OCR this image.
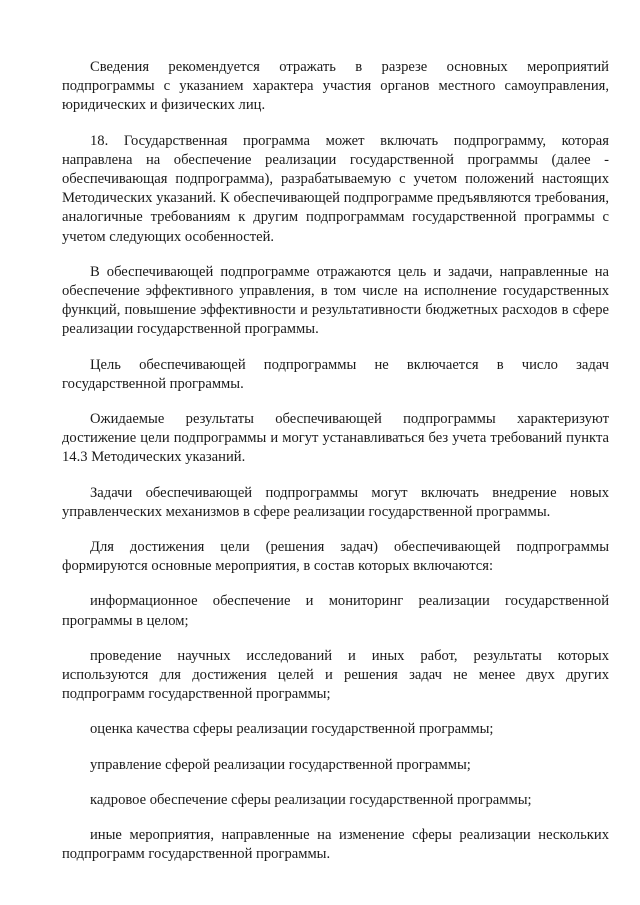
Сведения рекомендуется отражать в разрезе основных мероприятий подпрограммы с указанием характера участия органов местного самоуправления, юридических и физических лиц.

18. Государственная программа может включать подпрограмму, которая направлена на обеспечение реализации государственной программы (далее - обеспечивающая подпрограмма), разрабатываемую с учетом положений настоящих Методических указаний. К обеспечивающей подпрограмме предъявляются требования, аналогичные требованиям к другим подпрограммам государственной программы с учетом следующих особенностей.

В обеспечивающей подпрограмме отражаются цель и задачи, направленные на обеспечение эффективного управления, в том числе на исполнение государственных функций, повышение эффективности и результативности бюджетных расходов в сфере реализации государственной программы.

Цель обеспечивающей подпрограммы не включается в число задач государственной программы.

Ожидаемые результаты обеспечивающей подпрограммы характеризуют достижение цели подпрограммы и могут устанавливаться без учета требований пункта 14.3 Методических указаний.

Задачи обеспечивающей подпрограммы могут включать внедрение новых управленческих механизмов в сфере реализации государственной программы.

Для достижения цели (решения задач) обеспечивающей подпрограммы формируются основные мероприятия, в состав которых включаются:

информационное обеспечение и мониторинг реализации государственной программы в целом;

проведение научных исследований и иных работ, результаты которых используются для достижения целей и решения задач не менее двух других подпрограмм государственной программы;

оценка качества сферы реализации государственной программы;

управление сферой реализации государственной программы;

кадровое обеспечение сферы реализации государственной программы;

иные мероприятия, направленные на изменение сферы реализации нескольких подпрограмм государственной программы.
